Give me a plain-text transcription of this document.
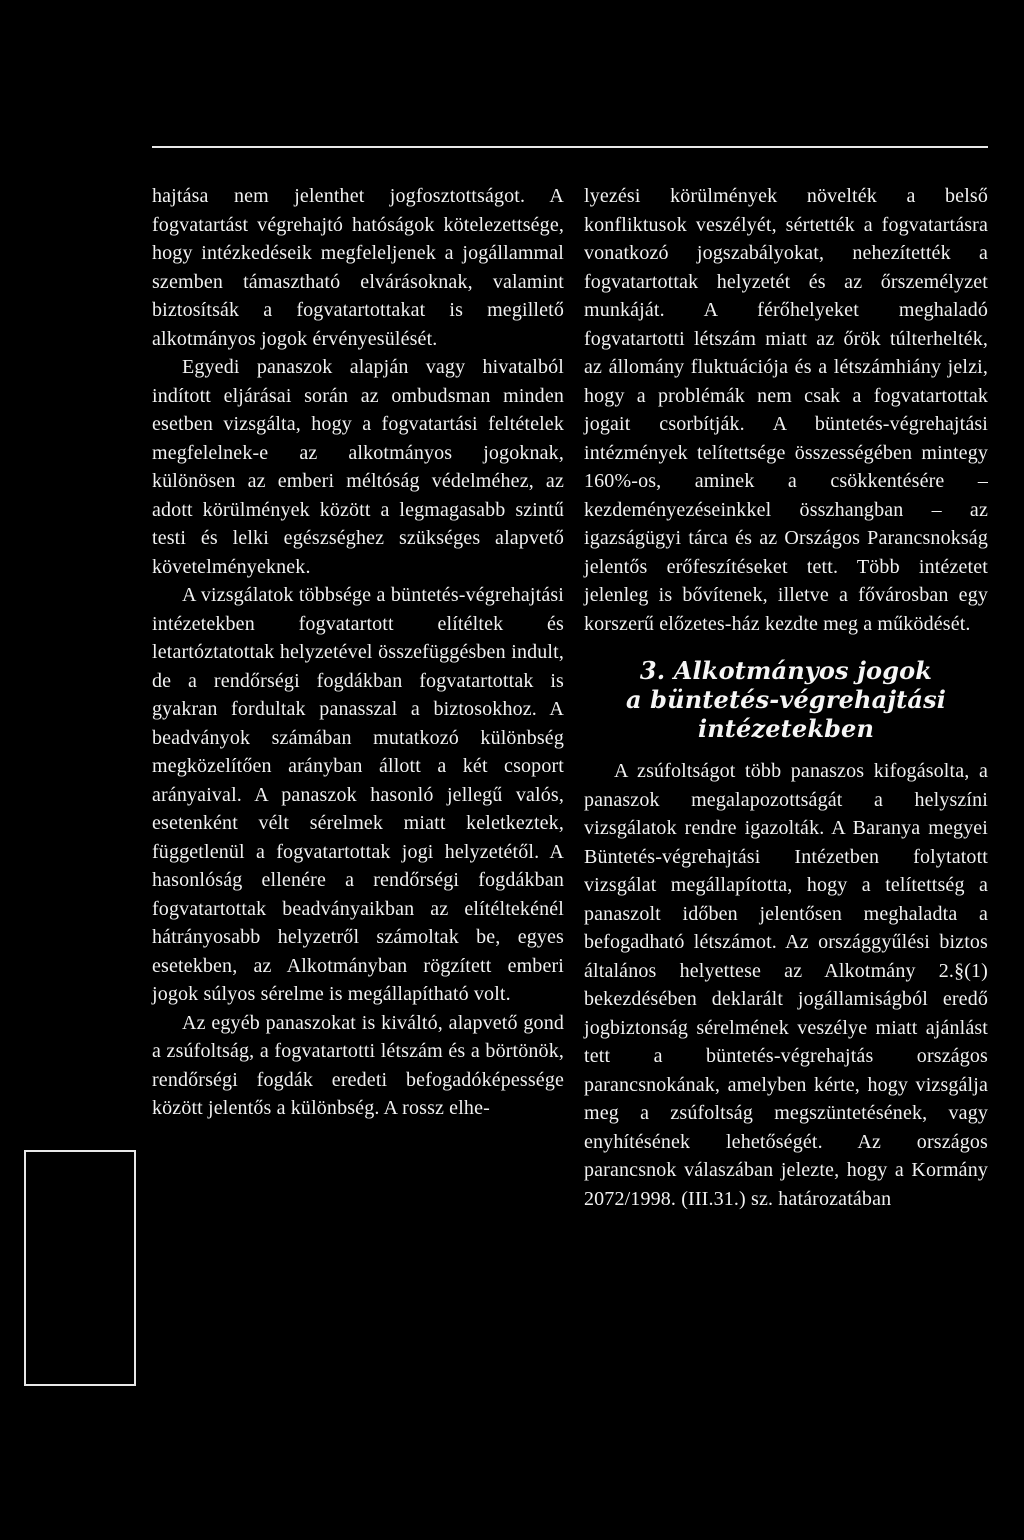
hajtása nem jelenthet jogfosztottságot. A fogvatartást végrehajtó hatóságok kötelezettsége, hogy intézkedéseik megfeleljenek a jogállammal szemben támasztható elvárásoknak, valamint biztosítsák a fogvatartottakat is megillető alkotmányos jogok érvényesülését.

Egyedi panaszok alapján vagy hivatalból indított eljárásai során az ombudsman minden esetben vizsgálta, hogy a fogvatartási feltételek megfelelnek-e az alkotmányos jogoknak, különösen az emberi méltóság védelméhez, az adott körülmények között a legmagasabb szintű testi és lelki egészséghez szükséges alapvető követelményeknek.

A vizsgálatok többsége a büntetés-végrehajtási intézetekben fogvatartott elítéltek és letartóztatottak helyzetével összefüggésben indult, de a rendőrségi fogdákban fogvatartottak is gyakran fordultak panasszal a biztosokhoz. A beadványok számában mutatkozó különbség megközelítően arányban állott a két csoport arányaival. A panaszok hasonló jellegű valós, esetenként vélt sérelmek miatt keletkeztek, függetlenül a fogvatartottak jogi helyzetétől. A hasonlóság ellenére a rendőrségi fogdákban fogvatartottak beadványaikban az elítéltekénél hátrányosabb helyzetről számoltak be, egyes esetekben, az Alkotmányban rögzített emberi jogok súlyos sérelme is megállapítható volt.

Az egyéb panaszokat is kiváltó, alapvető gond a zsúfoltság, a fogvatartotti létszám és a börtönök, rendőrségi fogdák eredeti befogadóképessége között jelentős a különbség. A rossz elhe-

lyezési körülmények növelték a belső konfliktusok veszélyét, sértették a fogvatartásra vonatkozó jogszabályokat, nehezítették a fogvatartottak helyzetét és az őrszemélyzet munkáját. A férőhelyeket meghaladó fogvatartotti létszám miatt az őrök túlterhelték, az állomány fluktuációja és a létszámhiány jelzi, hogy a problémák nem csak a fogvatartottak jogait csorbítják. A büntetés-végrehajtási intézmények telítettsége összességében mintegy 160%-os, aminek a csökkentésére – kezdeményezéseinkkel összhangban – az igazságügyi tárca és az Országos Parancsnokság jelentős erőfeszítéseket tett. Több intézetet jelenleg is bővítenek, illetve a fővárosban egy korszerű előzetes-ház kezdte meg a működését.

3. Alkotmányos jogok
a büntetés-végrehajtási
intézetekben

A zsúfoltságot több panaszos kifogásolta, a panaszok megalapozottságát a helyszíni vizsgálatok rendre igazolták. A Baranya megyei Büntetés-végrehajtási Intézetben folytatott vizsgálat megállapította, hogy a telítettség a panaszolt időben jelentősen meghaladta a befogadható létszámot. Az országgyűlési biztos általános helyettese az Alkotmány 2.§(1) bekezdésében deklarált jogállamiságból eredő jogbiztonság sérelmének veszélye miatt ajánlást tett a büntetés-végrehajtás országos parancsnokának, amelyben kérte, hogy vizsgálja meg a zsúfoltság megszüntetésének, vagy enyhítésének lehetőségét. Az országos parancsnok válaszában jelezte, hogy a Kormány 2072/1998. (III.31.) sz. határozatában
